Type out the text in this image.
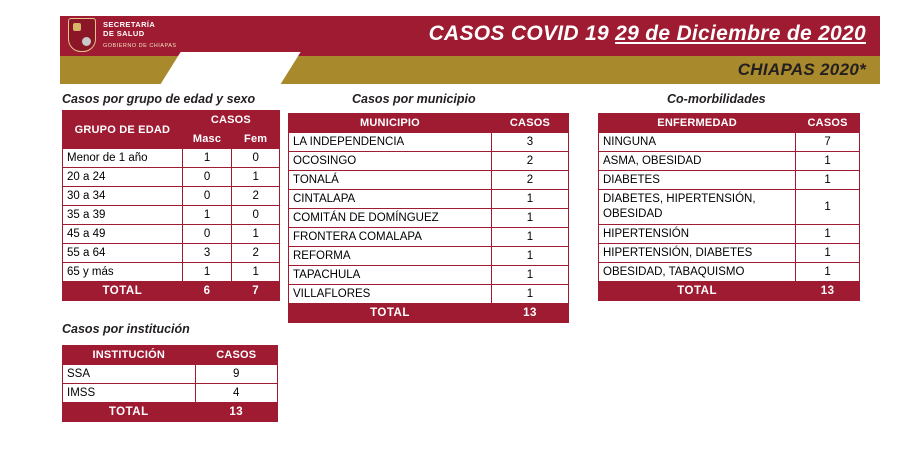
SECRETARÍA
DE SALUD
GOBIERNO DE CHIAPAS
CASOS COVID 19 29 de Diciembre de 2020
CHIAPAS 2020*
Casos por grupo de edad y sexo	Casos por municipio	Co-morbilidades
Casos por institución
GRUPO DE EDAD	CASOS	
	Masc	Fem
Menor de 1 año	1	0
20 a 24	0	1
30 a 34	0	2
35 a 39	1	0
45 a 49	0	1
55 a 64	3	2
65 y más	1	1
TOTAL	6	7
MUNICIPIO	CASOS
LA INDEPENDENCIA	3
OCOSINGO	2
TONALÁ	2
CINTALAPA	1
COMITÁN DE DOMÍNGUEZ	1
FRONTERA COMALAPA	1
REFORMA	1
TAPACHULA	1
VILLAFLORES	1
TOTAL	13
ENFERMEDAD	CASOS
NINGUNA	7
ASMA, OBESIDAD	1
DIABETES	1
DIABETES, HIPERTENSIÓN, OBESIDAD	1
HIPERTENSIÓN	1
HIPERTENSIÓN, DIABETES	1
OBESIDAD, TABAQUISMO	1
TOTAL	13
INSTITUCIÓN	CASOS
SSA	9
IMSS	4
TOTAL	13
